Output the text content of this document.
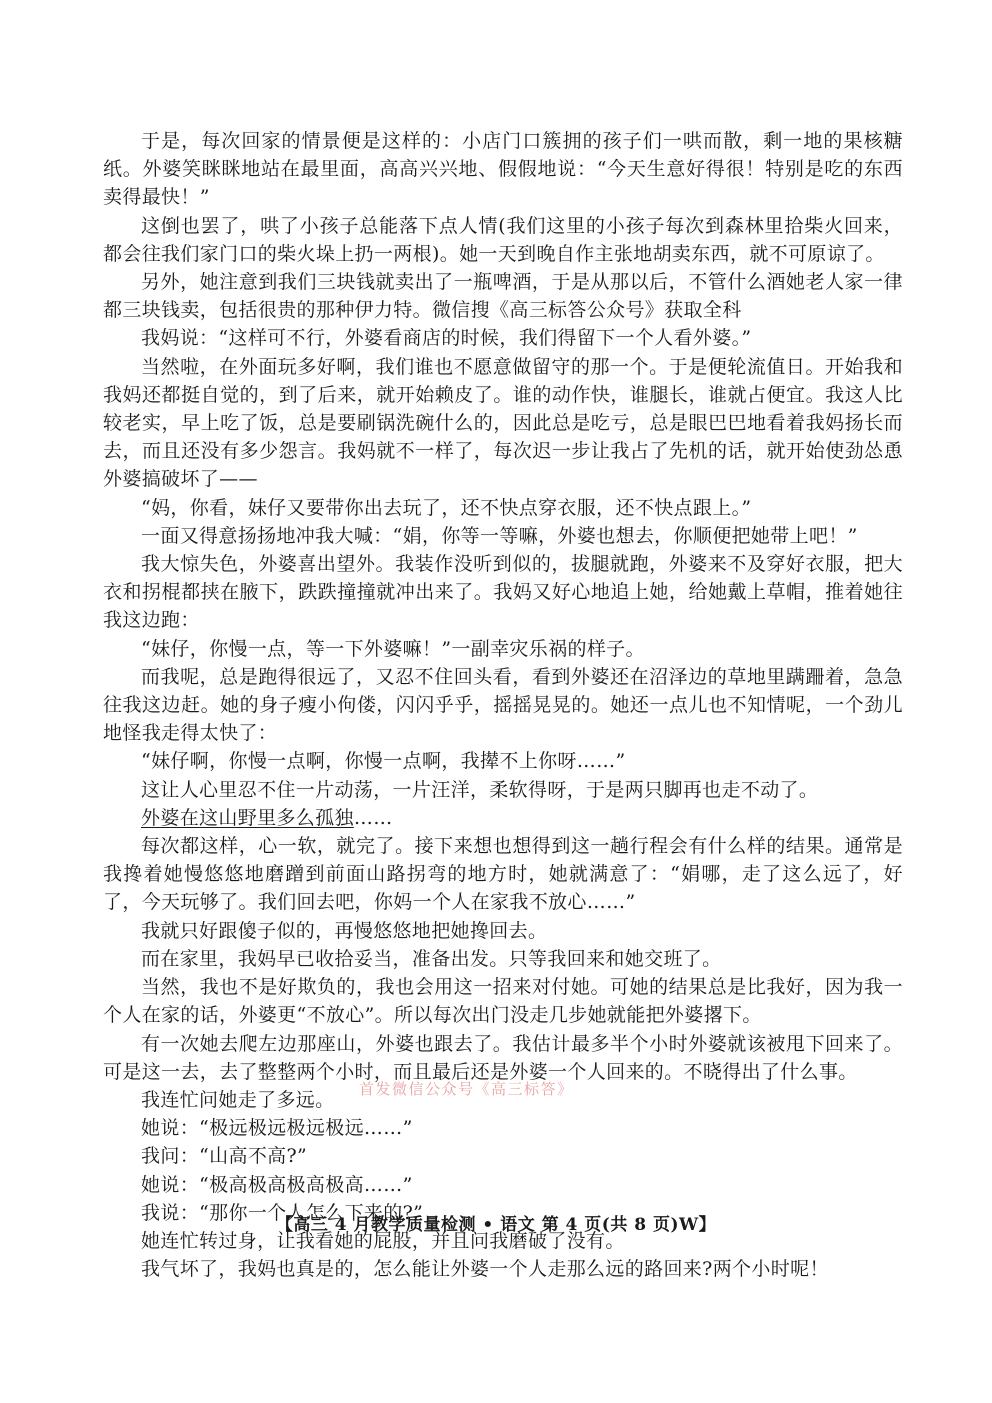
于是，每次回家的情景便是这样的：小店门口簇拥的孩子们一哄而散，剩一地的果核糖纸。外婆笑眯眯地站在最里面，高高兴兴地、假假地说：“今天生意好得很！特别是吃的东西卖得最快！”

这倒也罢了，哄了小孩子总能落下点人情(我们这里的小孩子每次到森林里拾柴火回来，都会往我们家门口的柴火垛上扔一两根)。她一天到晚自作主张地胡卖东西，就不可原谅了。

另外，她注意到我们三块钱就卖出了一瓶啤酒，于是从那以后，不管什么酒她老人家一律都三块钱卖，包括很贵的那种伊力特。微信搜《高三标答公众号》获取全科

我妈说：“这样可不行，外婆看商店的时候，我们得留下一个人看外婆。”

当然啦，在外面玩多好啊，我们谁也不愿意做留守的那一个。于是便轮流值日。开始我和我妈还都挺自觉的，到了后来，就开始赖皮了。谁的动作快，谁腿长，谁就占便宜。我这人比较老实，早上吃了饭，总是要刷锅洗碗什么的，因此总是吃亏，总是眼巴巴地看着我妈扬长而去，而且还没有多少怨言。我妈就不一样了，每次迟一步让我占了先机的话，就开始使劲怂恿外婆搞破坏了——

“妈，你看，妹仔又要带你出去玩了，还不快点穿衣服，还不快点跟上。”

一面又得意扬扬地冲我大喊：“娟，你等一等嘛，外婆也想去，你顺便把她带上吧！”

我大惊失色，外婆喜出望外。我装作没听到似的，拔腿就跑，外婆来不及穿好衣服，把大衣和拐棍都挟在腋下，跌跌撞撞就冲出来了。我妈又好心地追上她，给她戴上草帽，推着她往我这边跑：

“妹仔，你慢一点，等一下外婆嘛！”一副幸灾乐祸的样子。

而我呢，总是跑得很远了，又忍不住回头看，看到外婆还在沼泽边的草地里蹒跚着，急急往我这边赶。她的身子瘦小佝偻，闪闪乎乎，摇摇晃晃的。她还一点儿也不知情呢，一个劲儿地怪我走得太快了：

“妹仔啊，你慢一点啊，你慢一点啊，我撵不上你呀……”

这让人心里忍不住一片动荡，一片汪洋，柔软得呀，于是两只脚再也走不动了。

外婆在这山野里多么孤独……

每次都这样，心一软，就完了。接下来想也想得到这一趟行程会有什么样的结果。通常是我搀着她慢悠悠地磨蹭到前面山路拐弯的地方时，她就满意了：“娟哪，走了这么远了，好了，今天玩够了。我们回去吧，你妈一个人在家我不放心……”

我就只好跟傻子似的，再慢悠悠地把她搀回去。

而在家里，我妈早已收拾妥当，准备出发。只等我回来和她交班了。

当然，我也不是好欺负的，我也会用这一招来对付她。可她的结果总是比我好，因为我一个人在家的话，外婆更“不放心”。所以每次出门没走几步她就能把外婆撂下。

有一次她去爬左边那座山，外婆也跟去了。我估计最多半个小时外婆就该被甩下回来了。可是这一去，去了整整两个小时，而且最后还是外婆一个人回来的。不晓得出了什么事。

我连忙问她走了多远。

她说：“极远极远极远极远……”

我问：“山高不高?”

她说：“极高极高极高极高……”

我说：“那你一个人怎么下来的?”

她连忙转过身，让我看她的屁股，并且问我磨破了没有。

我气坏了，我妈也真是的，怎么能让外婆一个人走那么远的路回来?两个小时呢！

首发微信公众号《高三标答》
【高三 4 月教学质量检测 • 语文 第 4 页(共 8 页)W】
